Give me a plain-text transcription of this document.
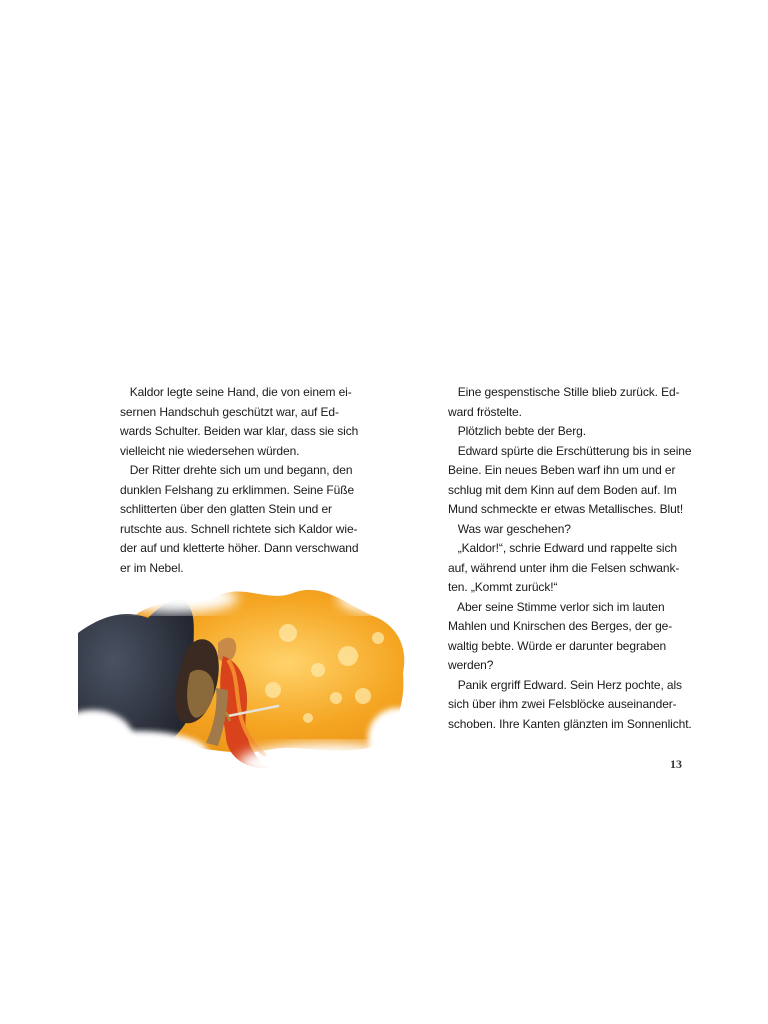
Kaldor legte seine Hand, die von einem ei-

sernen Handschuh geschützt war, auf Ed-

wards Schulter. Beiden war klar, dass sie sich

vielleicht nie wiedersehen würden.

Der Ritter drehte sich um und begann, den

dunklen Felshang zu erklimmen. Seine Füße

schlitterten über den glatten Stein und er

rutschte aus. Schnell richtete sich Kaldor wie-

der auf und kletterte höher. Dann verschwand

er im Nebel.

Eine gespenstische Stille blieb zurück. Ed-

ward fröstelte.

Plötzlich bebte der Berg.

Edward spürte die Erschütterung bis in seine

Beine. Ein neues Beben warf ihn um und er

schlug mit dem Kinn auf dem Boden auf. Im

Mund schmeckte er etwas Metallisches. Blut!

Was war geschehen?

„Kaldor!“, schrie Edward und rappelte sich

auf, während unter ihm die Felsen schwank-

ten. „Kommt zurück!“

Aber seine Stimme verlor sich im lauten

Mahlen und Knirschen des Berges, der ge-

waltig bebte. Würde er darunter begraben

werden?

Panik ergriff Edward. Sein Herz pochte, als

sich über ihm zwei Felsblöcke auseinander-

schoben. Ihre Kanten glänzten im Sonnenlicht.

13
